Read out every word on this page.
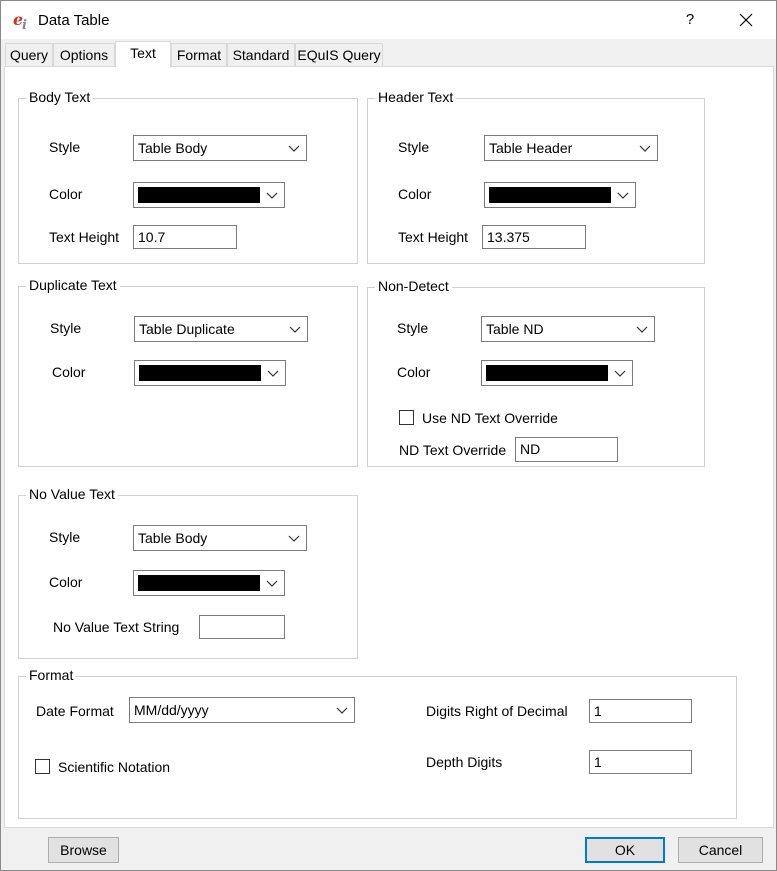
e
i Data Table	?
Query Options	Text	Format Standard EQuIS Query
Body Text
Style	Table Body
Color
Text Height 10.7
Header Text
Style	Table Header
Color
Text Height 13.375
Duplicate Text
Style	Table Duplicate
Color
Non-Detect
Style	Table ND
Color
Use ND Text Override
ND Text Override ND
No Value Text
Style	Table Body
Color
No Value Text String
Format
Date Format MM/dd/yyyy
Scientific Notation
Digits Right of Decimal 1
Depth Digits	1
Browse	OK	Cancel
